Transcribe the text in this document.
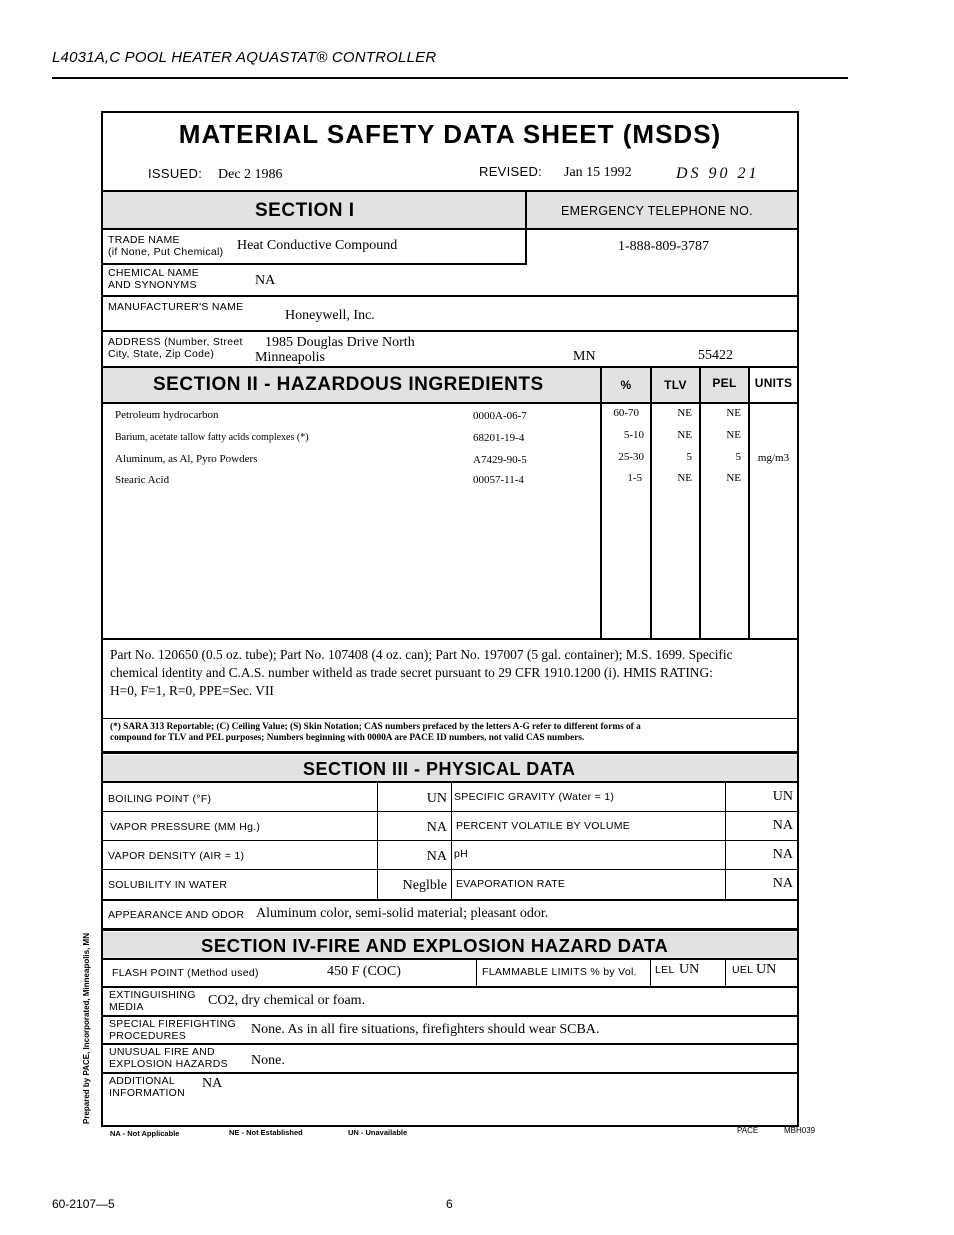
L4031A,C POOL HEATER AQUASTAT® CONTROLLER
Prepared by PACE, Incorporated, Minneapolis, MN
MATERIAL SAFETY DATA SHEET (MSDS)
ISSUED: Dec 2 1986	REVISED: Jan 15 1992	DS 90 21
SECTION I	EMERGENCY TELEPHONE NO.
TRADE NAME
(if None, Put Chemical) Heat Conductive Compound	1-888-809-3787
CHEMICAL NAME
AND SYNONYMS	NA
MANUFACTURER'S NAME
Honeywell, Inc.
ADDRESS (Number, Street
City, State, Zip Code)
1985 Douglas Drive North
Minneapolis	MN	55422
SECTION II - HAZARDOUS INGREDIENTS	%	TLV	PEL	UNITS
Petroleum hydrocarbon	0000A-06-7	60-70	NE	NE
Barium, acetate tallow fatty acids complexes (*)	68201-19-4	5-10	NE	NE
Aluminum, as Al, Pyro Powders	A7429-90-5	25-30	5	5	mg/m3
Stearic Acid	00057-11-4	1-5	NE	NE
Part No. 120650 (0.5 oz. tube); Part No. 107408 (4 oz. can); Part No. 197007 (5 gal. container); M.S. 1699. Specific
chemical identity and C.A.S. number witheld as trade secret pursuant to 29 CFR 1910.1200 (i). HMIS RATING:
H=0, F=1, R=0, PPE=Sec. VII
(*) SARA 313 Reportable; (C) Ceiling Value; (S) Skin Notation; CAS numbers prefaced by the letters A-G refer to different forms of a
compound for TLV and PEL purposes; Numbers beginning with 0000A are PACE ID numbers, not valid CAS numbers.
SECTION III - PHYSICAL DATA
BOILING POINT (°F)	UN SPECIFIC GRAVITY (Water = 1)	UN
VAPOR PRESSURE (MM Hg.)	NA PERCENT VOLATILE BY VOLUME	NA
VAPOR DENSITY (AIR = 1)	NA pH	NA
SOLUBILITY IN WATER	Neglble EVAPORATION RATE	NA
APPEARANCE AND ODOR Aluminum color, semi-solid material; pleasant odor.
SECTION IV-FIRE AND EXPLOSION HAZARD DATA
FLASH POINT (Method used)	450 F (COC)	FLAMMABLE LIMITS % by Vol. LEL UN	UEL UN
EXTINGUISHING
MEDIA	CO2, dry chemical or foam.
SPECIAL FIREFIGHTING
PROCEDURES	None. As in all fire situations, firefighters should wear SCBA.
UNUSUAL FIRE AND
EXPLOSION HAZARDS None.
ADDITIONAL
INFORMATION
NA
NA - Not Applicable	NE - Not Established	UN - Unavailable	PACE	MBH039
60-2107—5	6
